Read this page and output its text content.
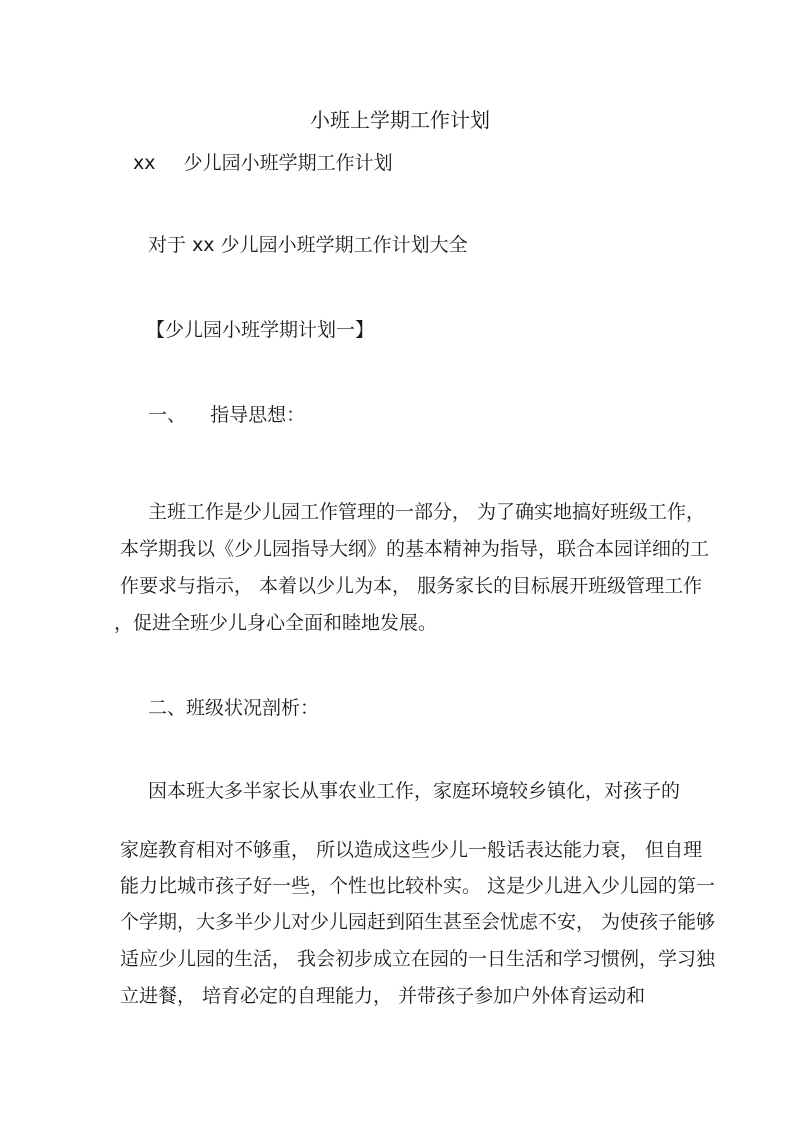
小班上学期工作计划
xx 少儿园小班学期工作计划
对于 xx 少儿园小班学期工作计划大全
【少儿园小班学期计划一】
一、 指导思想：
主班工作是少儿园工作管理的一部分， 为了确实地搞好班级工作，
本学期我以《少儿园指导大纲》的基本精神为指导，联合本园详细的工
作要求与指示， 本着以少儿为本， 服务家长的目标展开班级管理工作
，促进全班少儿身心全面和睦地发展。
二、班级状况剖析：
因本班大多半家长从事农业工作，家庭环境较乡镇化，对孩子的
家庭教育相对不够重， 所以造成这些少儿一般话表达能力衰， 但自理
能力比城市孩子好一些，个性也比较朴实。 这是少儿进入少儿园的第一
个学期，大多半少儿对少儿园赶到陌生甚至会忧虑不安， 为使孩子能够
适应少儿园的生活， 我会初步成立在园的一日生活和学习惯例，学习独
立进餐， 培育必定的自理能力， 并带孩子参加户外体育运动和
